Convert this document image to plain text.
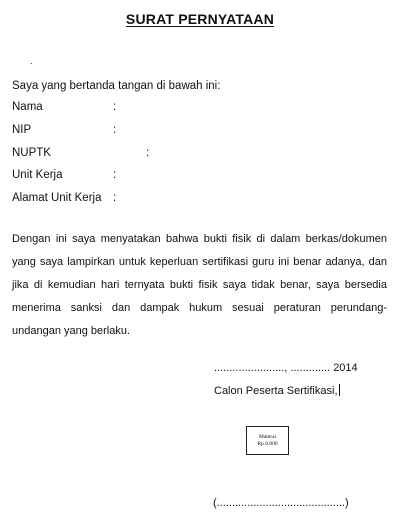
SURAT PERNYATAAN
.
Saya yang bertanda tangan di bawah ini:
Nama	:
NIP	:
NUPTK	:
Unit Kerja	:
Alamat Unit Kerja :
Dengan ini saya menyatakan bahwa bukti fisik di dalam berkas/dokumen yang saya lampirkan untuk keperluan sertifikasi guru ini benar adanya, dan jika di kemudian hari ternyata bukti fisik saya tidak benar, saya bersedia menerima sanksi dan dampak hukum sesuai peraturan perundang-undangan yang berlaku.
......................., ............. 2014
Calon Peserta Sertifikasi,
Materai
Rp 6.000
(..........................................)
